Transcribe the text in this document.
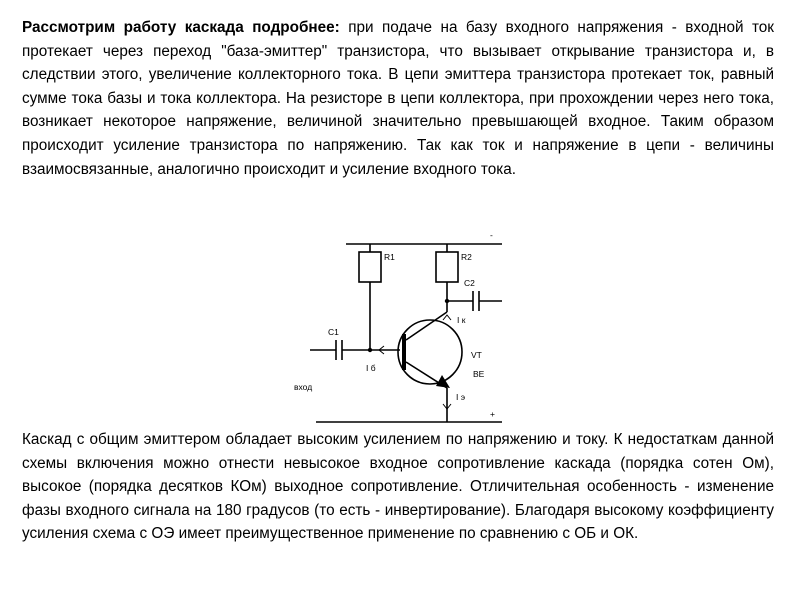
Рассмотрим работу каскада подробнее: при подаче на базу входного напряжения - входной ток протекает через переход "база-эмиттер" транзистора, что вызывает открывание транзистора и, в следствии этого, увеличение коллекторного тока. В цепи эмиттера транзистора протекает ток, равный сумме тока базы и тока коллектора. На резисторе в цепи коллектора, при прохождении через него тока, возникает некоторое напряжение, величиной значительно превышающей входное. Таким образом происходит усиление транзистора по напряжению. Так как ток и напряжение в цепи - величины взаимосвязанные, аналогично происходит и усиление входного тока.

R1	R2
C1
C2
I к
I б
I э
VT
ВЕ
вход
-
+

Каскад с общим эмиттером обладает высоким усилением по напряжению и току. К недостаткам данной схемы включения можно отнести невысокое входное сопротивление каскада (порядка сотен Ом), высокое (порядка десятков КОм) выходное сопротивление. Отличительная особенность - изменение фазы входного сигнала на 180 градусов (то есть - инвертирование). Благодаря высокому коэффициенту усиления схема с ОЭ имеет преимущественное применение по сравнению с ОБ и ОК.
